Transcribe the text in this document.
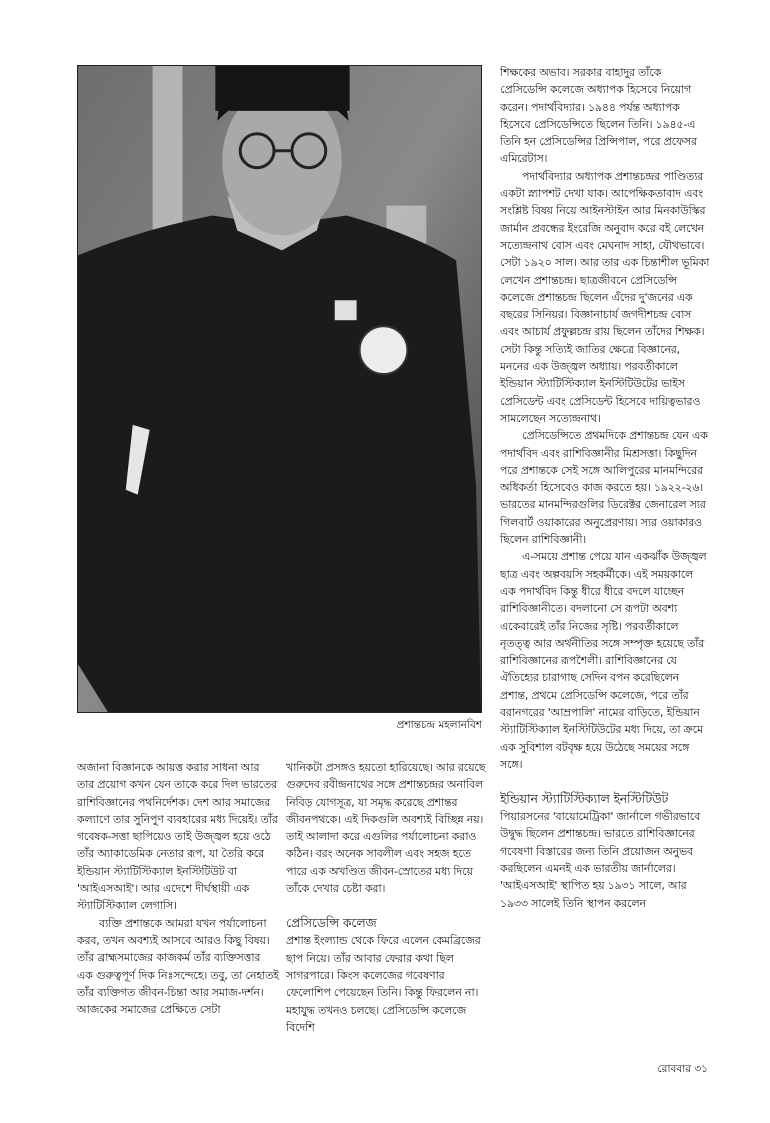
প্রশান্তচন্দ্র মহলানবিশ

শিক্ষকের অভাব। সরকার বাহাদুর তাঁকে প্রেসিডেন্সি কলেজে অধ্যাপক হিসেবে নিয়োগ করেন। পদার্থবিদ্যার। ১৯৪৪ পর্যন্ত অধ্যাপক হিসেবে প্রেসিডেন্সিতে ছিলেন তিনি। ১৯৪৫-এ তিনি হন প্রেসিডেন্সির প্রিন্সিপাল, পরে প্রফেসর এমিরেটাস।

পদার্থবিদ্যার অধ্যাপক প্রশান্তচন্দ্রর পাণ্ডিত্যর একটা স্ন্যাপশট দেখা যাক। আপেক্ষিকতাবাদ এবং সংশ্লিষ্ট বিষয় নিয়ে আইনস্টাইন আর মিনকাউস্কির জার্মান প্রবন্ধের ইংরেজি অনুবাদ করে বই লেখেন সত্যেন্দ্রনাথ বোস এবং মেঘনাদ সাহা, যৌথভাবে। সেটা ১৯২০ সাল। আর তার এক চিন্তাশীল ভূমিকা লেখেন প্রশান্তচন্দ্র। ছাত্রজীবনে প্রেসিডেন্সি কলেজে প্রশান্তচন্দ্র ছিলেন এঁদের দু'জনের এক বছরের সিনিয়র। বিজ্ঞানাচার্য জগদীশচন্দ্র বোস এবং আচার্য প্রফুল্লচন্দ্র রায় ছিলেন তাঁদের শিক্ষক। সেটা কিন্তু সত্যিই জাতির ক্ষেত্রে বিজ্ঞানের, মননের এক উজ্জ্বল অধ্যায়। পরবর্তীকালে ইন্ডিয়ান স্ট্যাটিস্টিক্যাল ইনস্টিটিউটের ভাইস প্রেসিডেন্ট এবং প্রেসিডেন্ট হিসেবে দায়িত্বভারও সামলেছেন সত্যেন্দ্রনাথ।

প্রেসিডেন্সিতে প্রথমদিকে প্রশান্তচন্দ্র যেন এক পদার্থবিদ এবং রাশিবিজ্ঞানীর মিশ্রসত্তা। কিছুদিন পরে প্রশান্তকে সেই সঙ্গে আলিপুরের মানমন্দিরের অধিকর্তা হিসেবেও কাজ করতে হয়। ১৯২২-২৬। ভারতের মানমন্দিরগুলির ডিরেক্টর জেনারেল স্যর গিলবার্ট ওয়াকারের অনুপ্রেরণায়। স্যর ওয়াকারও ছিলেন রাশিবিজ্ঞানী।

এ-সময়ে প্রশান্ত পেয়ে যান একঝাঁক উজ্জ্বল ছাত্র এবং অল্পবয়সি সহকর্মীকে। এই সময়কালে এক পদার্থবিদ কিন্তু ধীরে ধীরে বদলে যাচ্ছেন রাশিবিজ্ঞানীতে। বদলানো সে রূপটা অবশ্য একেবারেই তাঁর নিজের সৃষ্টি। পরবর্তীকালে নৃতত্ত্ব আর অর্থনীতির সঙ্গে সম্পৃক্ত হয়েছে তাঁর রাশিবিজ্ঞানের রূপশৈলী। রাশিবিজ্ঞানের যে ঐতিহ্যের চারাগাছ সেদিন বপন করেছিলেন প্রশান্ত, প্রথমে প্রেসিডেন্সি কলেজে, পরে তাঁর বরানগরের 'আম্রপালি' নামের বাড়িতে, ইন্ডিয়ান স্ট্যাটিস্টিক্যাল ইনস্টিটিউটের মধ্য দিয়ে, তা ক্রমে এক সুবিশাল বটবৃক্ষ হয়ে উঠেছে সময়ের সঙ্গে সঙ্গে।

ইন্ডিয়ান স্ট্যাটিস্টিক্যাল ইনস্টিটিউট

পিয়ারসনের 'বায়োমেট্রিকা' জার্নালে গভীরভাবে উদ্বুদ্ধ ছিলেন প্রশান্তচন্দ্র। ভারতে রাশিবিজ্ঞানের গবেষণা বিস্তারের জন্য তিনি প্রয়োজন অনুভব করছিলেন এমনই এক ভারতীয় জার্নালের। 'আইএসআই' স্থাপিত হয় ১৯৩১ সালে, আর ১৯৩৩ সালেই তিনি স্থাপন করলেন

অজানা বিজ্ঞানকে আয়ত্ত করার সাধনা আর তার প্রয়োগ কখন যেন তাকে করে দিল ভারতের রাশিবিজ্ঞানের পথনির্দেশক। দেশ আর সমাজের কল্যাণে তার সুনিপুণ ব্যবহারের মধ্য দিয়েই। তাঁর গবেষক-সত্তা ছাপিয়েও তাই উজ্জ্বল হয়ে ওঠে তাঁর অ্যাকাডেমিক নেতার রূপ, যা তৈরি করে ইন্ডিয়ান স্ট্যাটিস্টিক্যাল ইনস্টিটিউট বা 'আইএসআই'। আর এদেশে দীর্ঘস্থায়ী এক স্ট্যাটিস্টিক্যাল লেগাসি।

ব্যক্তি প্রশান্তকে আমরা যখন পর্যালোচনা করব, তখন অবশ্যই আসবে আরও কিছু বিষয়। তাঁর ব্রাহ্মসমাজের কাজকর্ম তাঁর ব্যক্তিসত্তার এক গুরুত্বপূর্ণ দিক নিঃসন্দেহে। তবু, তা নেহাতই তাঁর ব্যক্তিগত জীবন-চিন্তা আর সমাজ-দর্শন। আজকের সমাজের প্রেক্ষিতে সেটা

খানিকটা প্রসঙ্গও হয়তো হারিয়েছে। আর রয়েছে গুরুদেব রবীন্দ্রনাথের সঙ্গে প্রশান্তচন্দ্রর অনাবিল নিবিড় যোগসূত্র, যা সমৃদ্ধ করেছে প্রশান্তর জীবনপথকে। এই দিকগুলি অবশ্যই বিচ্ছিন্ন নয়। তাই আলাদা করে এগুলির পর্যালোচনা করাও কঠিন। বরং অনেক সাবলীল এবং সহজ হতে পারে এক অখণ্ডিত জীবন-স্রোতের মধ্য দিয়ে তাঁকে দেখার চেষ্টা করা।

প্রেসিডেন্সি কলেজ

প্রশান্ত ইংল্যান্ড থেকে ফিরে এলেন কেমব্রিজের ছাপ নিয়ে। তাঁর আবার ফেরার কথা ছিল সাগরপারে। কিংস কলেজের গবেষণার ফেলোশিপ পেয়েছেন তিনি। কিন্তু ফিরলেন না। মহাযুদ্ধ তখনও চলছে। প্রেসিডেন্সি কলেজে বিদেশি

রোববার ৩১
